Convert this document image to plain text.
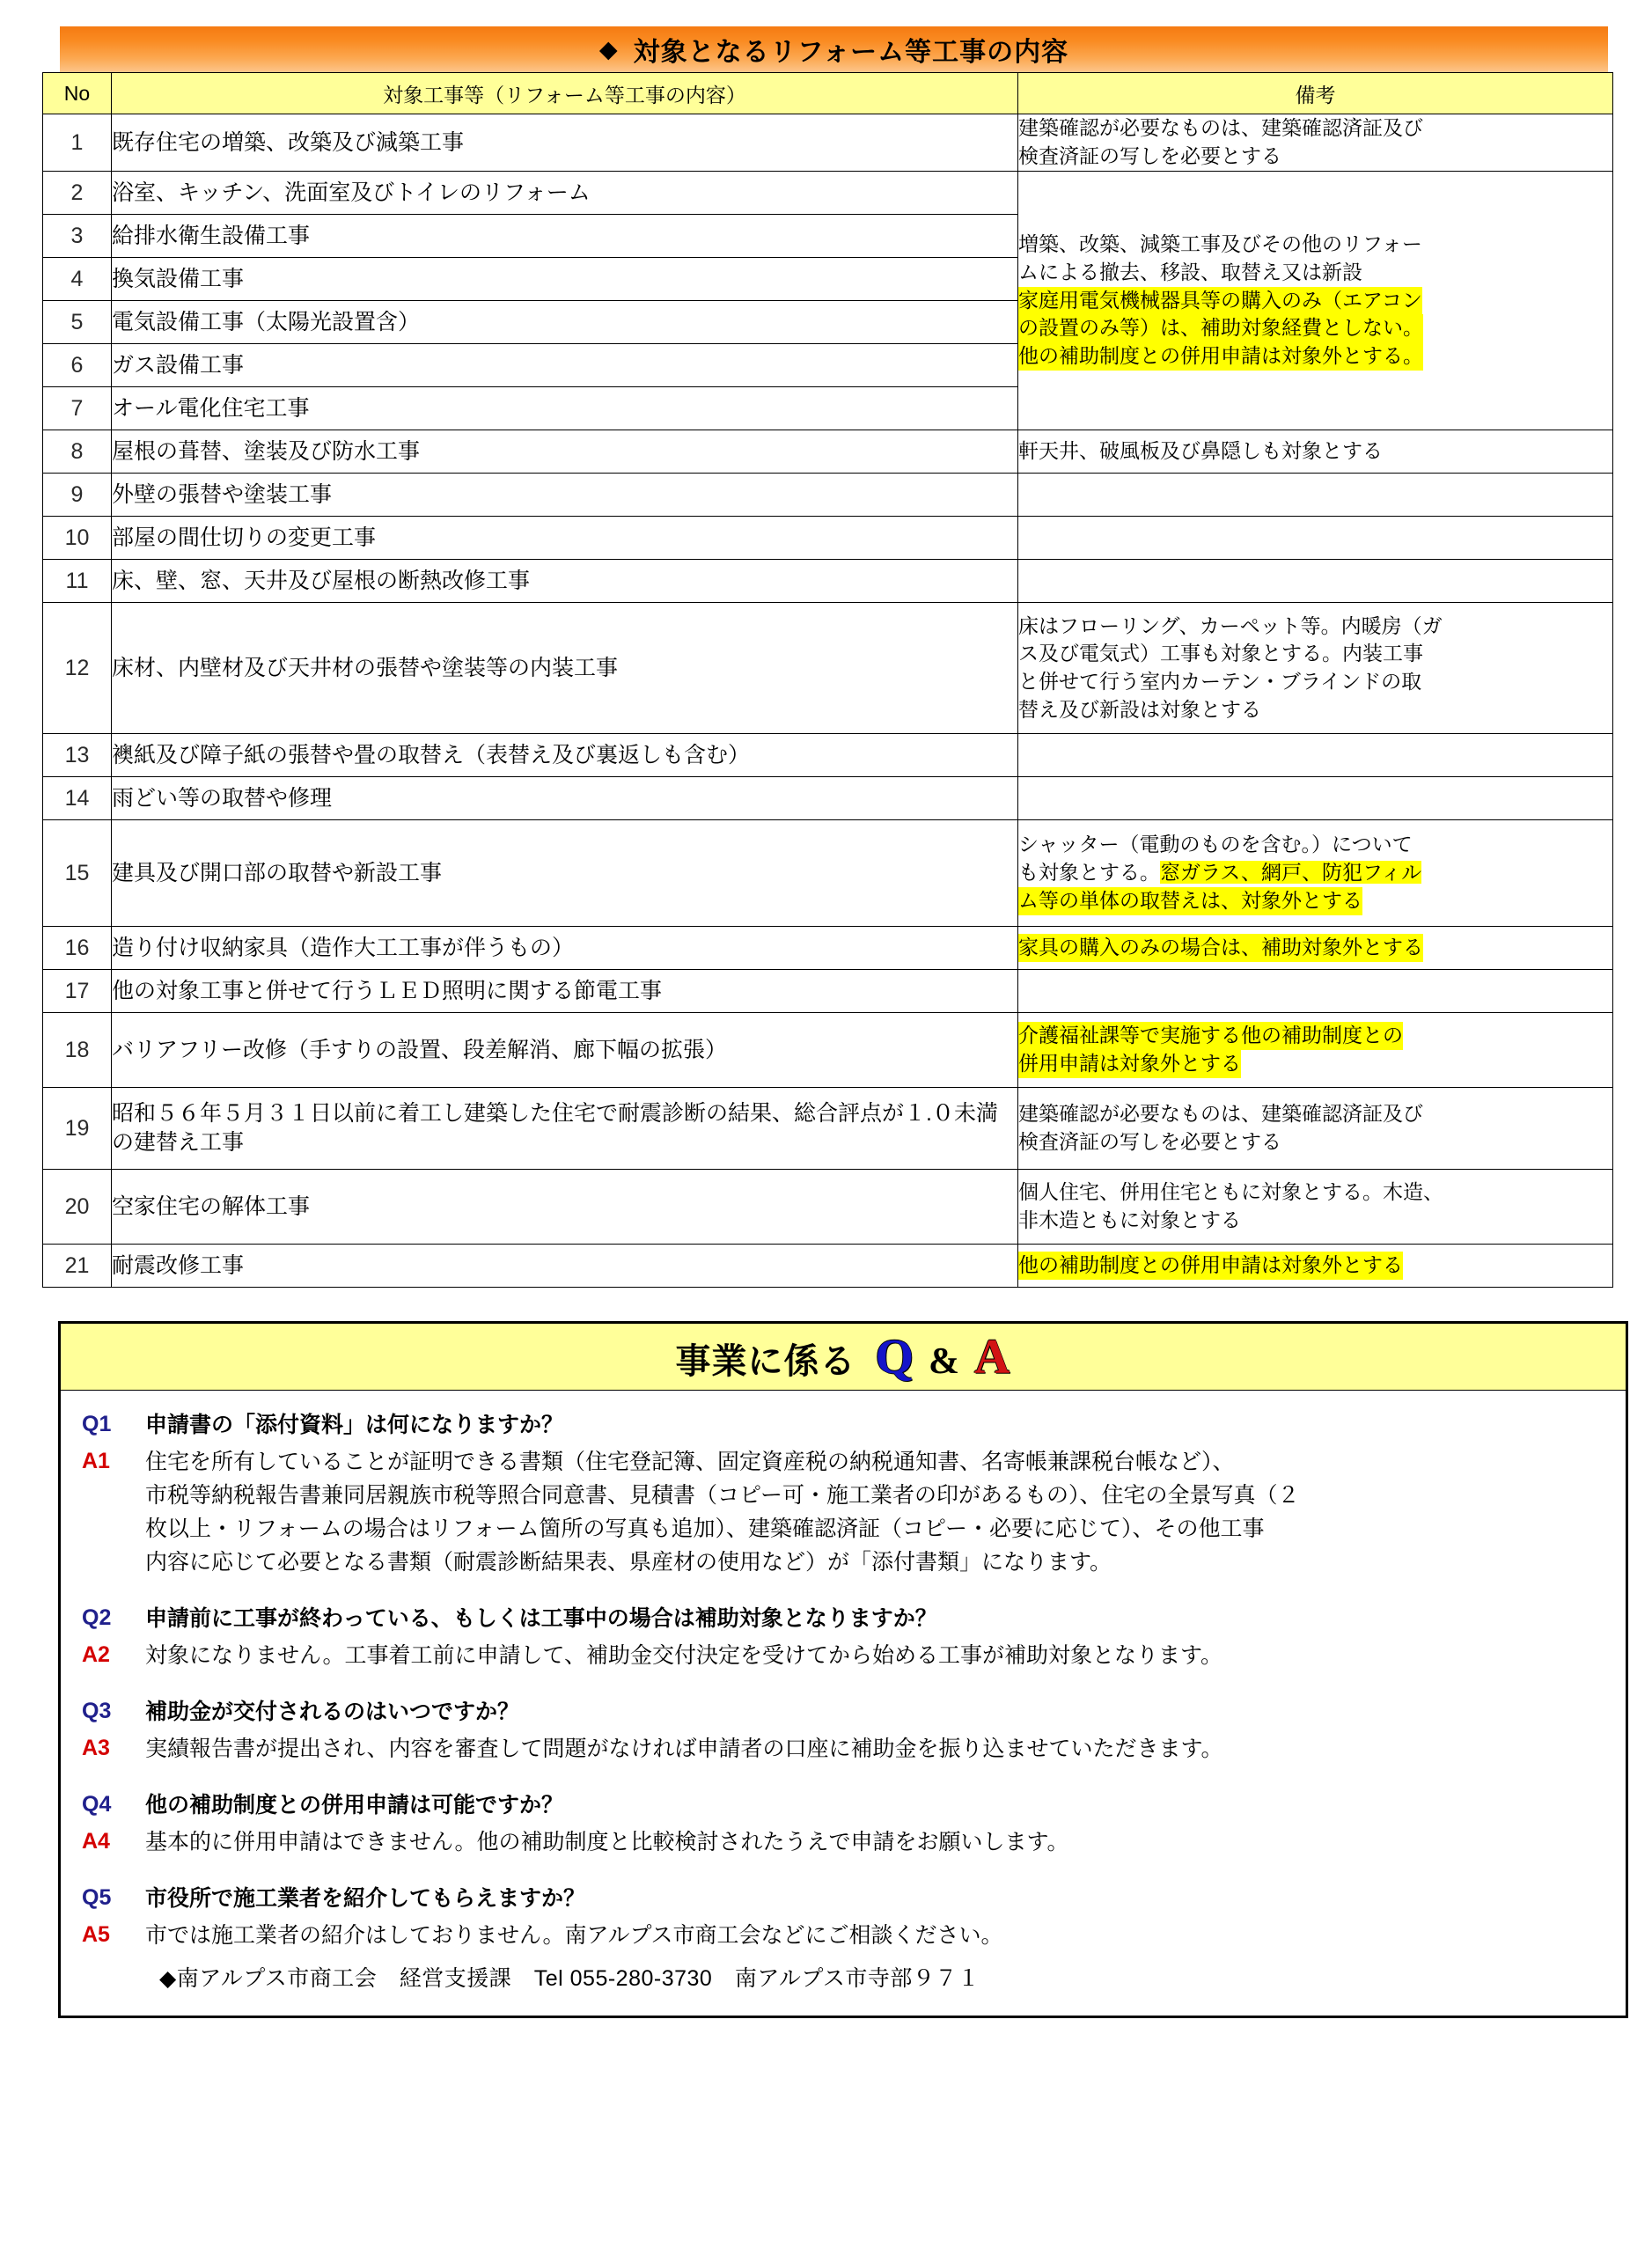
◆ 対象となるリフォーム等工事の内容
No	対象工事等（リフォーム等工事の内容）	備考
1	既存住宅の増築、改築及び減築工事	建築確認が必要なものは、建築確認済証及び
検査済証の写しを必要とする

2	浴室、キッチン、洗面室及びトイレのリフォーム	増築、改築、減築工事及びその他のリフォー
ムによる撤去、移設、取替え又は新設
家庭用電気機械器具等の購入のみ（エアコン の設置のみ等）は、補助対象経費としない。 他の補助制度との併用申請は対象外とする。
3	給排水衛生設備工事	
4	換気設備工事	
5	電気設備工事（太陽光設置含）	
6	ガス設備工事	
7	オール電化住宅工事	
8	屋根の葺替、塗装及び防水工事	軒天井、破風板及び鼻隠しも対象とする

9	外壁の張替や塗装工事	
10	部屋の間仕切りの変更工事	
11	床、壁、窓、天井及び屋根の断熱改修工事	
12	床材、内壁材及び天井材の張替や塗装等の内装工事	床はフローリング、カーペット等。内暖房（ガ
ス及び電気式）工事も対象とする。内装工事
と併せて行う室内カーテン・ブラインドの取
替え及び新設は対象とする

13	襖紙及び障子紙の張替や畳の取替え（表替え及び裏返しも含む）	
14	雨どい等の取替や修理	
15	建具及び開口部の取替や新設工事	シャッター（電動のものを含む。）について
も対象とする。窓ガラス、網戸、防犯フィル
ム等の単体の取替えは、対象外とする
16	造り付け収納家具（造作大工工事が伴うもの）	家具の購入のみの場合は、補助対象外とする
17	他の対象工事と併せて行うＬＥＤ照明に関する節電工事	
18	バリアフリー改修（手すりの設置、段差解消、廊下幅の拡張）	介護福祉課等で実施する他の補助制度との 併用申請は対象外とする
19	昭和５６年５月３１日以前に着工し建築した住宅で耐震診断の結果、総合評点が１.０未満の建替え工事	建築確認が必要なものは、建築確認済証及び
検査済証の写しを必要とする

20	空家住宅の解体工事	個人住宅、併用住宅ともに対象とする。木造、
非木造ともに対象とする

21	耐震改修工事	他の補助制度との併用申請は対象外とする
事業に係る Q & A
Q1	申請書の「添付資料」は何になりますか？
A1	住宅を所有していることが証明できる書類（住宅登記簿、固定資産税の納税通知書、名寄帳兼課税台帳など）、
市税等納税報告書兼同居親族市税等照合同意書、見積書（コピー可・施工業者の印があるもの）、住宅の全景写真（２
枚以上・リフォームの場合はリフォーム箇所の写真も追加）、建築確認済証（コピー・必要に応じて）、その他工事
内容に応じて必要となる書類（耐震診断結果表、県産材の使用など）が「添付書類」になります。
Q2	申請前に工事が終わっている、もしくは工事中の場合は補助対象となりますか？
A2	対象になりません。工事着工前に申請して、補助金交付決定を受けてから始める工事が補助対象となります。
Q3	補助金が交付されるのはいつですか？
A3	実績報告書が提出され、内容を審査して問題がなければ申請者の口座に補助金を振り込ませていただきます。
Q4	他の補助制度との併用申請は可能ですか？
A4	基本的に併用申請はできません。他の補助制度と比較検討されたうえで申請をお願いします。
Q5	市役所で施工業者を紹介してもらえますか？
A5	市では施工業者の紹介はしておりません。南アルプス市商工会などにご相談ください。
◆南アルプス市商工会　経営支援課　Tel 055-280-3730　南アルプス市寺部９７１
